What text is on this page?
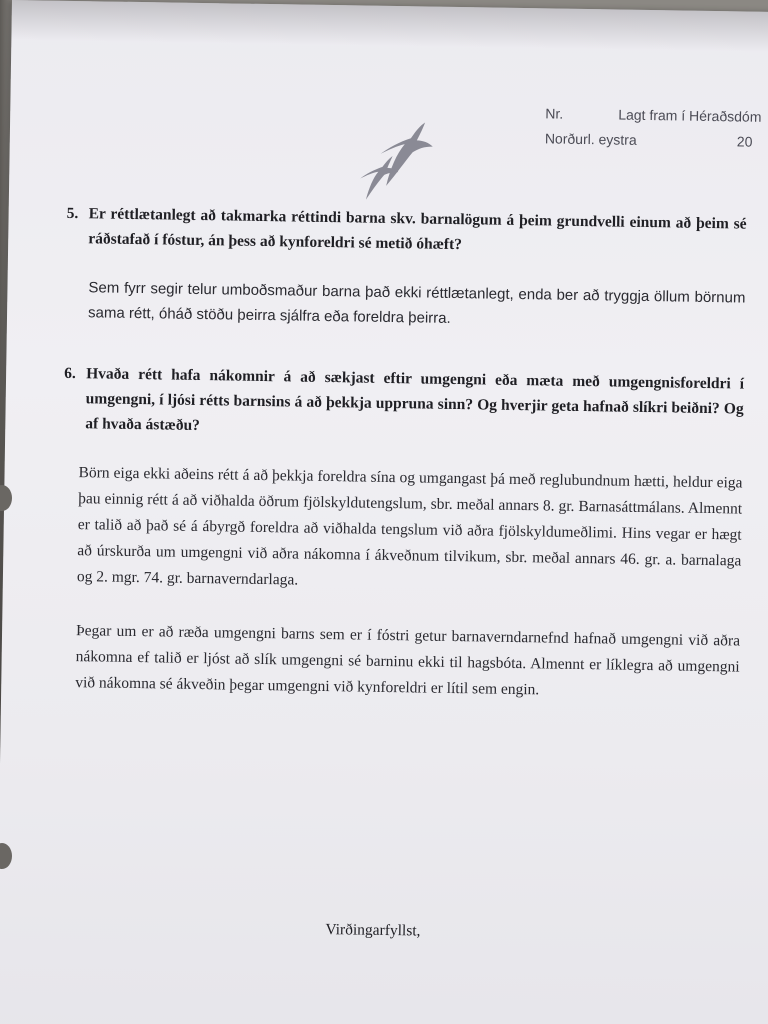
Nr.	Lagt fram í Héraðsdóm
Norðurl. eystra	20
5. Er réttlætanlegt að takmarka réttindi barna skv. barnalögum á þeim grundvelli einum að þeim sé ráðstafað í fóstur, án þess að kynforeldri sé metið óhæft?

Sem fyrr segir telur umboðsmaður barna það ekki réttlætanlegt, enda ber að tryggja öllum börnum sama rétt, óháð stöðu þeirra sjálfra eða foreldra þeirra.

6. Hvaða rétt hafa nákomnir á að sækjast eftir umgengni eða mæta með umgengnisforeldri í umgengni, í ljósi rétts barnsins á að þekkja uppruna sinn? Og hverjir geta hafnað slíkri beiðni? Og af hvaða ástæðu?

Börn eiga ekki aðeins rétt á að þekkja foreldra sína og umgangast þá með reglubundnum hætti, heldur eiga þau einnig rétt á að viðhalda öðrum fjölskyldutengslum, sbr. meðal annars 8. gr. Barnasáttmálans. Almennt er talið að það sé á ábyrgð foreldra að viðhalda tengslum við aðra fjölskyldumeðlimi. Hins vegar er hægt að úrskurða um umgengni við aðra nákomna í ákveðnum tilvikum, sbr. meðal annars 46. gr. a. barnalaga og 2. mgr. 74. gr. barnaverndarlaga.

Þegar um er að ræða umgengni barns sem er í fóstri getur barnaverndarnefnd hafnað umgengni við aðra nákomna ef talið er ljóst að slík umgengni sé barninu ekki til hagsbóta. Almennt er líklegra að umgengni við nákomna sé ákveðin þegar umgengni við kynforeldri er lítil sem engin.

Virðingarfyllst,
